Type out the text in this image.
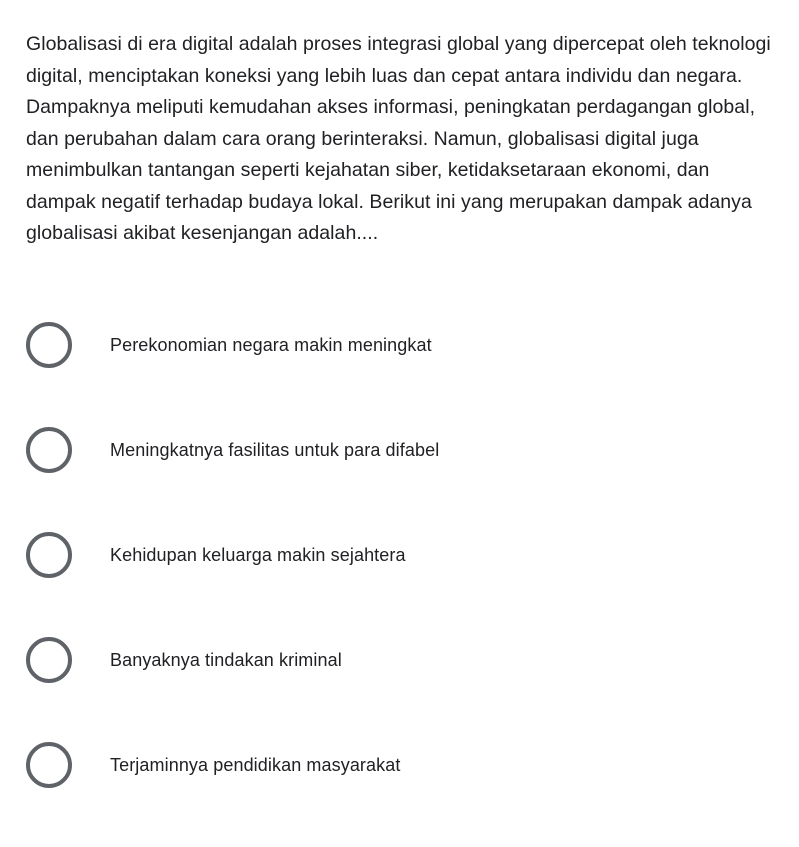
Globalisasi di era digital adalah proses integrasi global yang dipercepat oleh teknologi digital, menciptakan koneksi yang lebih luas dan cepat antara individu dan negara. Dampaknya meliputi kemudahan akses informasi, peningkatan perdagangan global, dan perubahan dalam cara orang berinteraksi. Namun, globalisasi digital juga menimbulkan tantangan seperti kejahatan siber, ketidaksetaraan ekonomi, dan dampak negatif terhadap budaya lokal. Berikut ini yang merupakan dampak adanya globalisasi akibat kesenjangan adalah....

Perekonomian negara makin meningkat
Meningkatnya fasilitas untuk para difabel
Kehidupan keluarga makin sejahtera
Banyaknya tindakan kriminal
Terjaminnya pendidikan masyarakat
